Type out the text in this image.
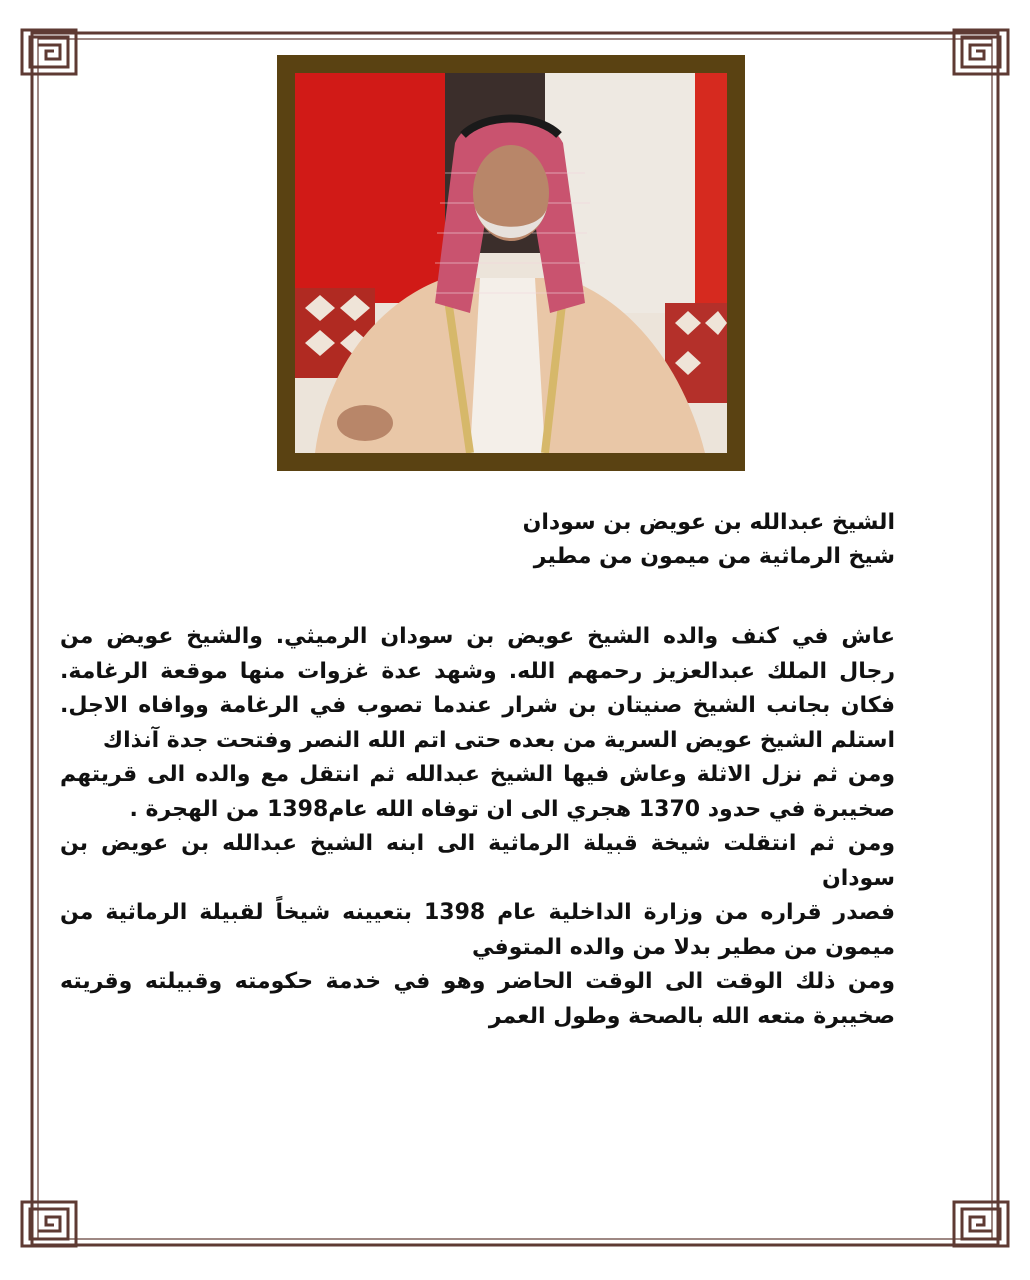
الشيخ عبدالله بن عويض بن سودان
شيخ الرماثية من ميمون من مطير

عاش في كنف والده الشيخ عويض بن سودان الرميثي. والشيخ عويض من رجال الملك عبدالعزيز رحمهم الله. وشهد عدة غزوات منها موقعة الرغامة. فكان بجانب الشيخ صنيتان بن شرار عندما تصوب في الرغامة ووافاه الاجل. استلم الشيخ عويض السرية من بعده حتى اتم الله النصر وفتحت جدة آنذاك

ومن ثم نزل الاثلة وعاش فيها الشيخ عبدالله ثم انتقل مع والده الى قريتهم صخيبرة في حدود 1370 هجري الى ان توفاه الله عام1398 من الهجرة .

ومن ثم انتقلت شيخة قبيلة الرماثية الى ابنه الشيخ عبدالله بن عويض بن سودان

فصدر قراره من وزارة الداخلية عام 1398 بتعيينه شيخاً لقبيلة الرماثية من ميمون من مطير بدلا من والده المتوفي

ومن ذلك الوقت الى الوقت الحاضر وهو في خدمة حكومته وقبيلته وقريته صخيبرة متعه الله بالصحة وطول العمر
